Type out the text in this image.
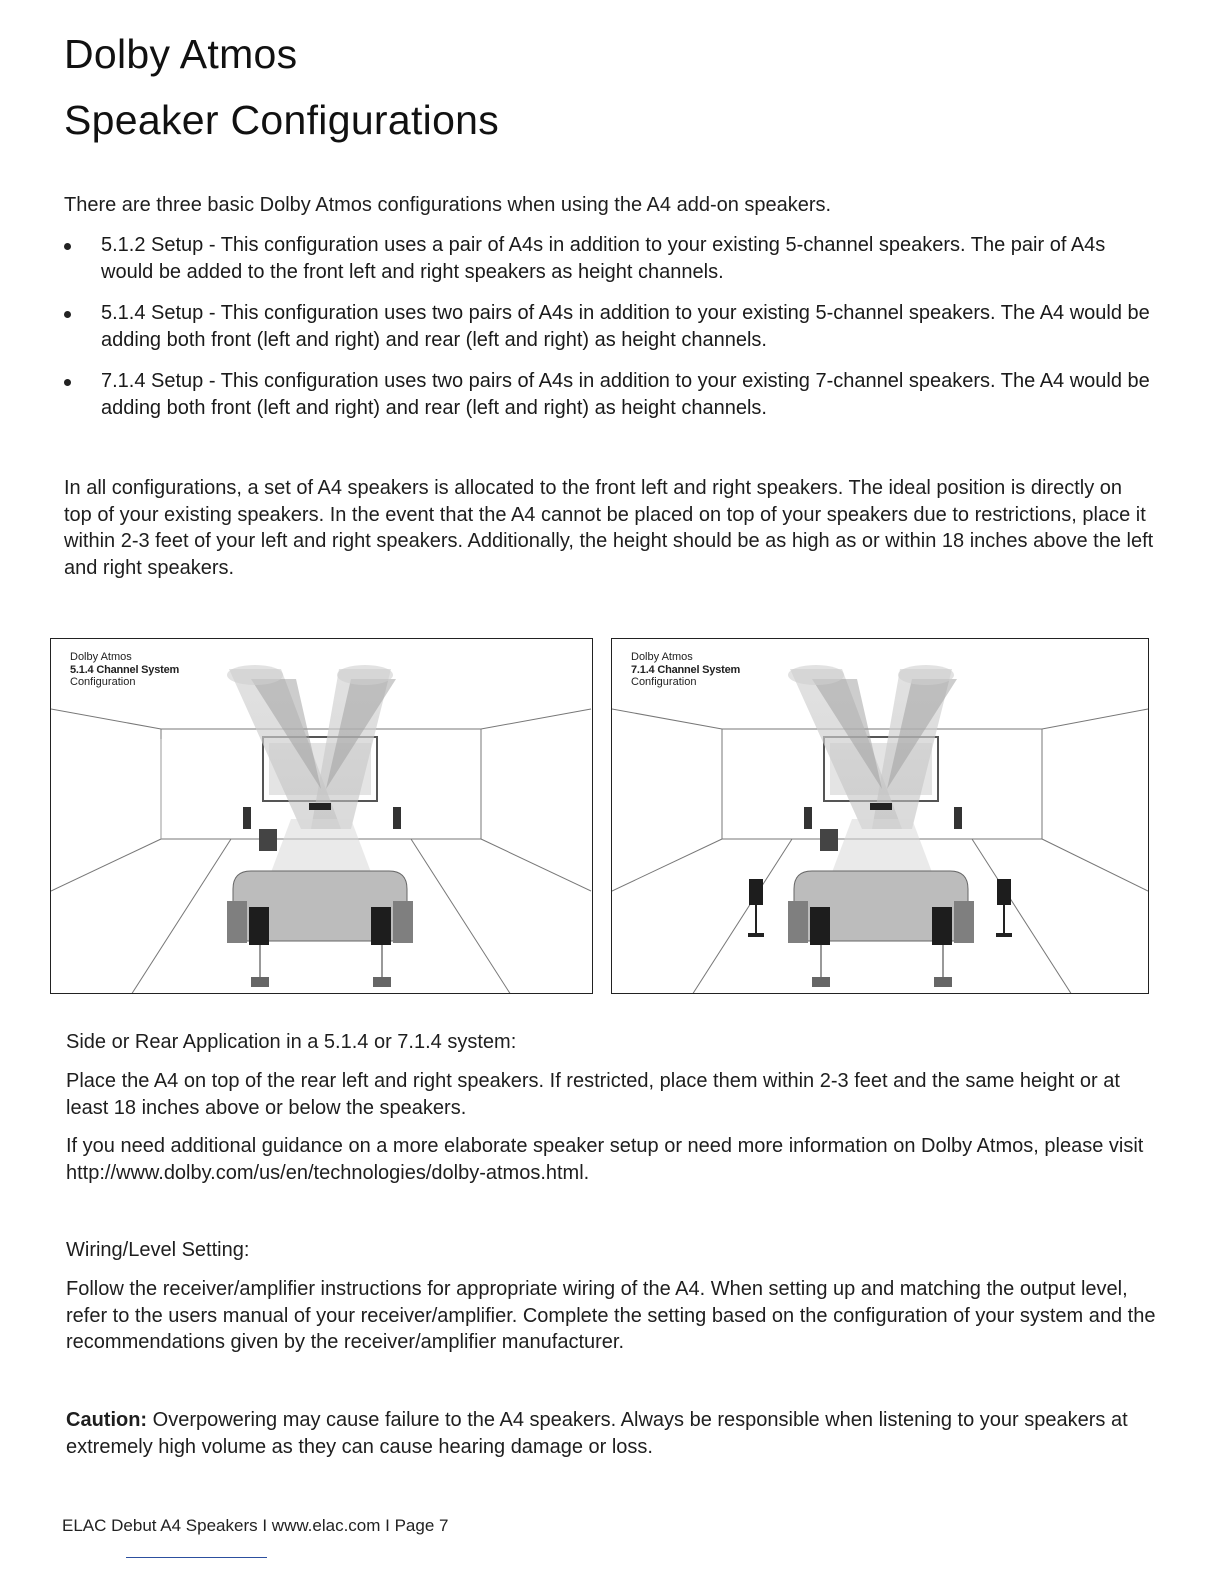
Dolby Atmos
Speaker Configurations

There are three basic Dolby Atmos configurations when using the A4 add-on speakers.

5.1.2 Setup - This configuration uses a pair of A4s in addition to your existing 5-channel speakers. The pair of A4s would be added to the front left and right speakers as height channels.
5.1.4 Setup - This configuration uses two pairs of A4s in addition to your existing 5-channel speakers. The A4 would be adding both front (left and right) and rear (left and right) as height channels.
7.1.4 Setup - This configuration uses two pairs of A4s in addition to your existing 7-channel speakers. The A4 would be adding both front (left and right) and rear (left and right) as height channels.

In all configurations, a set of A4 speakers is allocated to the front left and right speakers. The ideal position is directly on top of your existing speakers. In the event that the A4 cannot be placed on top of your speakers due to restrictions, place it within 2-3 feet of your left and right speakers. Additionally, the height should be as high as or within 18 inches above the left and right speakers.

Dolby Atmos
5.1.4 Channel System
Configuration
Dolby Atmos
7.1.4 Channel System
Configuration

Side or Rear Application in a 5.1.4 or 7.1.4 system:

Place the A4 on top of the rear left and right speakers. If restricted, place them within 2-3 feet and the same height or at least 18 inches above or below the speakers.

If you need additional guidance on a more elaborate speaker setup or need more information on Dolby Atmos, please visit http://www.dolby.com/us/en/technologies/dolby-atmos.html.

Wiring/Level Setting:

Follow the receiver/amplifier instructions for appropriate wiring of the A4. When setting up and matching the output level, refer to the users manual of your receiver/amplifier. Complete the setting based on the configuration of your system and the recommendations given by the receiver/amplifier manufacturer.

Caution: Overpowering may cause failure to the A4 speakers. Always be responsible when listening to your speakers at extremely high volume as they can cause hearing damage or loss.

ELAC Debut A4 Speakers I www.elac.com I Page 7
